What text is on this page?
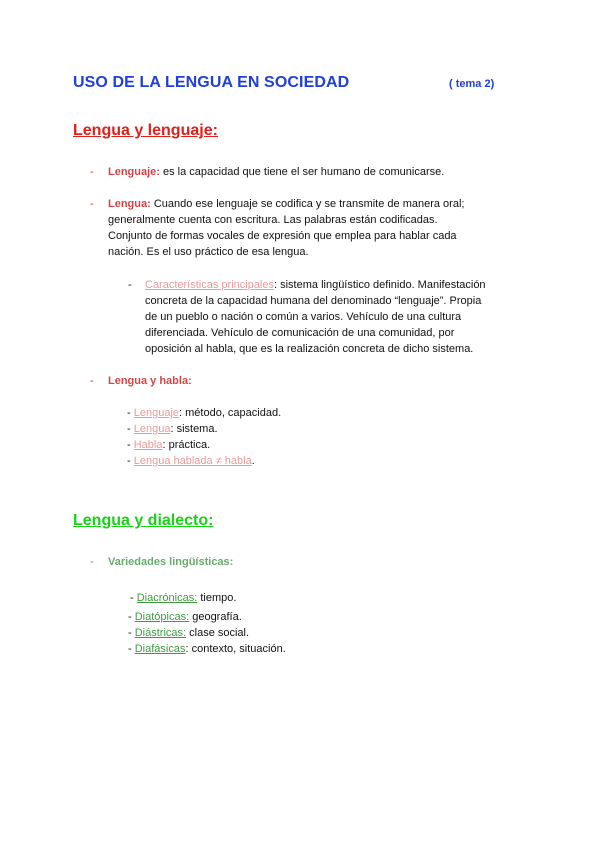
USO DE LA LENGUA EN SOCIEDAD	( tema 2)
Lengua y lenguaje:
- Lenguaje: es la capacidad que tiene el ser humano de comunicarse.
- Lengua: Cuando ese lenguaje se codifica y se transmite de manera oral;
generalmente cuenta con escritura. Las palabras están codificadas.
Conjunto de formas vocales de expresión que emplea para hablar cada
nación. Es el uso práctico de esa lengua.
- Características principales: sistema lingüístico definido. Manifestación
concreta de la capacidad humana del denominado “lenguaje”. Propia
de un pueblo o nación o común a varios. Vehículo de una cultura
diferenciada. Vehículo de comunicación de una comunidad, por
oposición al habla, que es la realización concreta de dicho sistema.
- Lengua y habla:
- Lenguaje: método, capacidad.
- Lengua: sistema.
- Habla: práctica.
- Lengua hablada ≠ habla.
Lengua y dialecto:
- Variedades lingüísticas:
- Diacrónicas: tiempo.
- Diatópicas: geografía.
- Diástricas: clase social.
- Diafásicas: contexto, situación.
